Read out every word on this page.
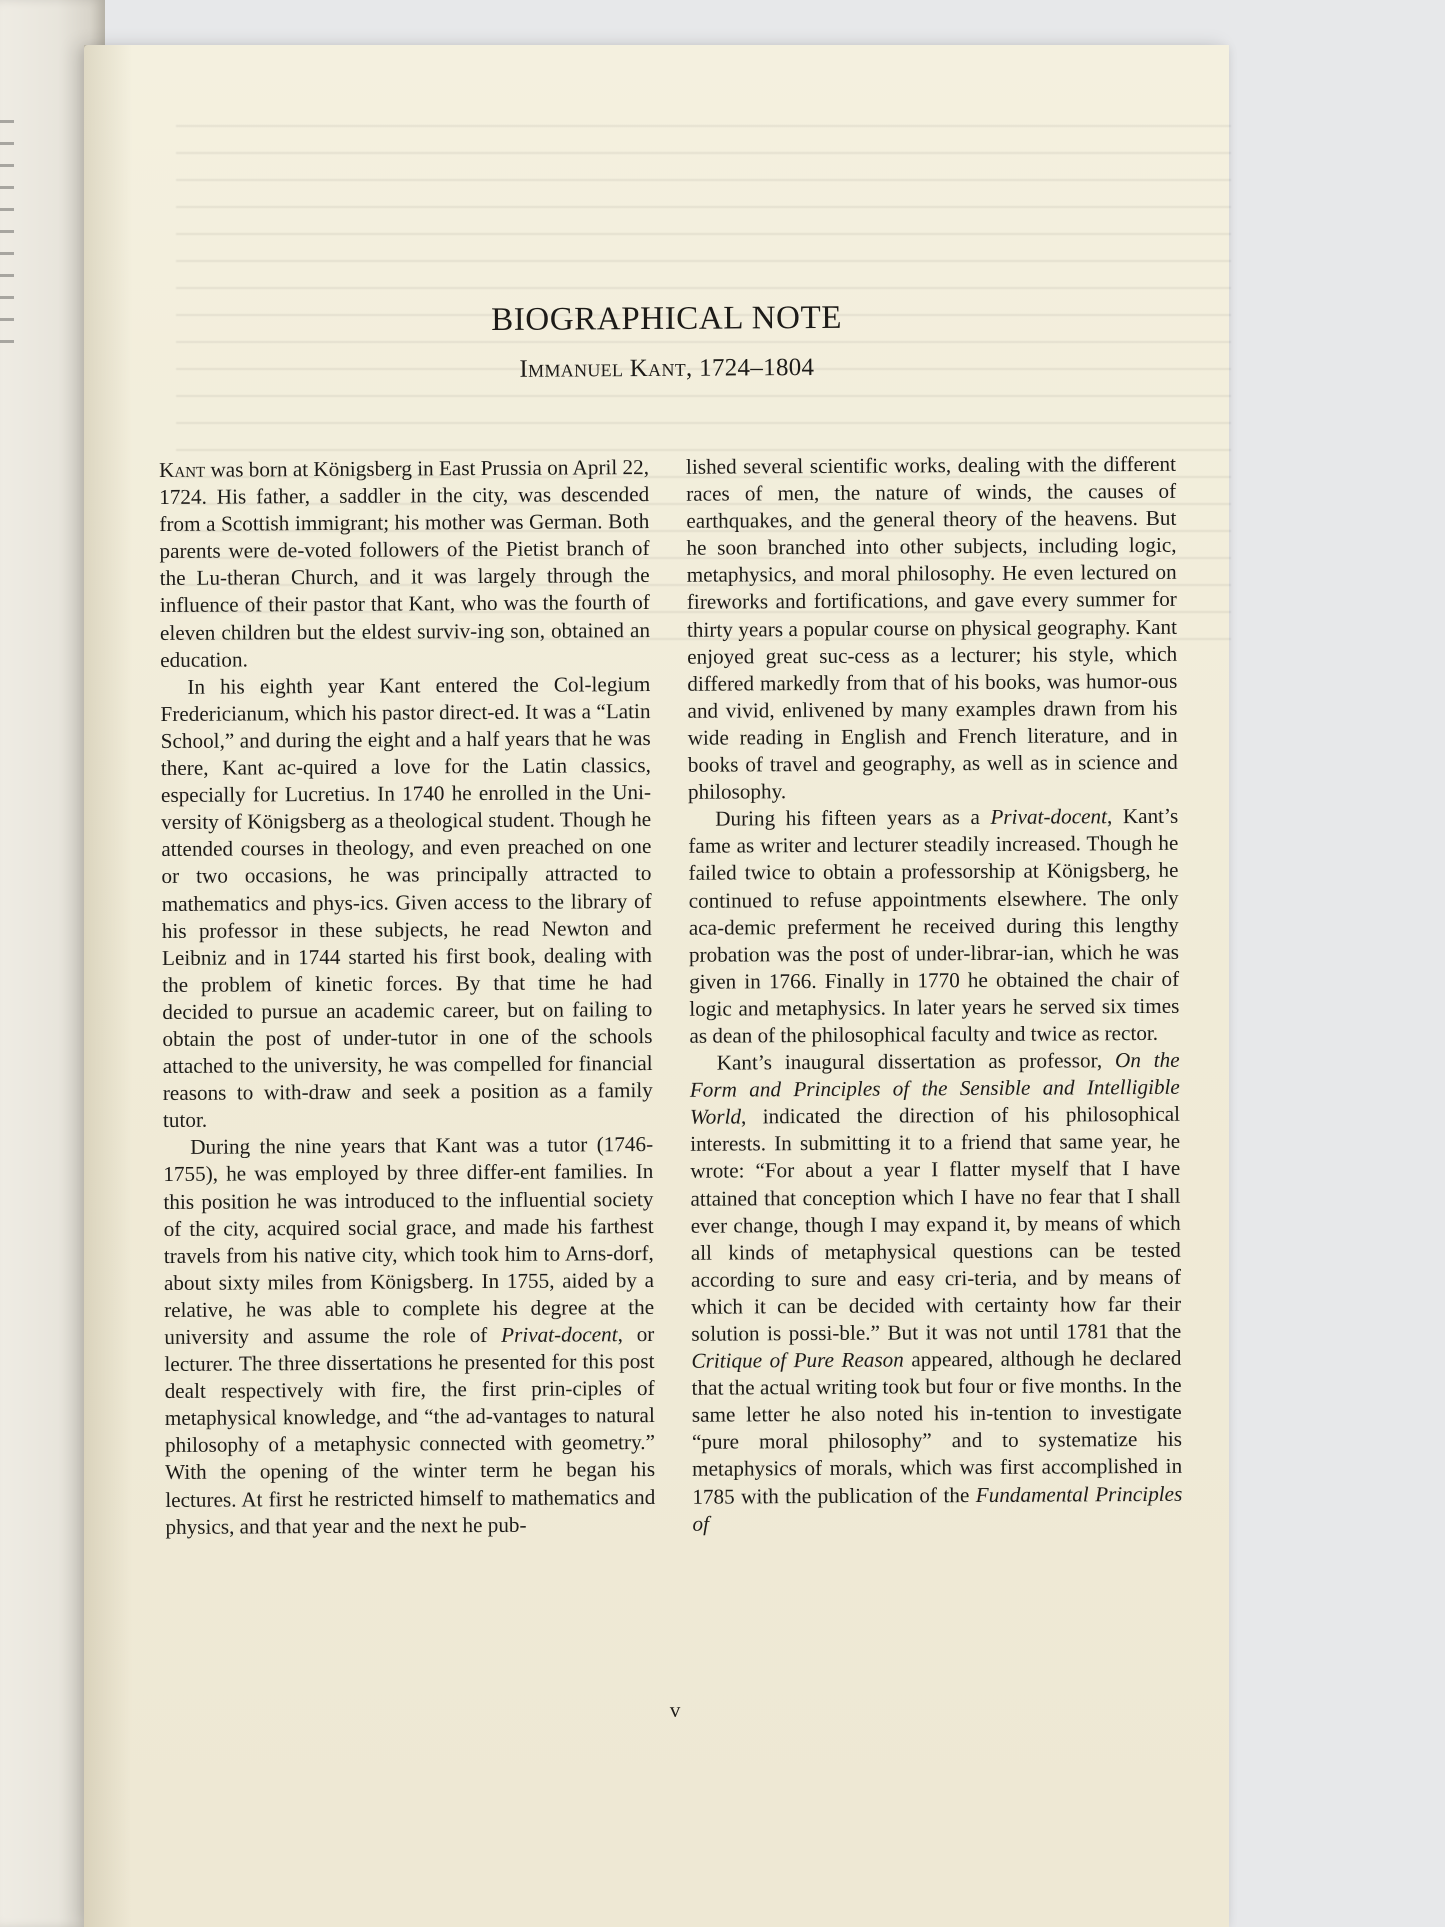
BIOGRAPHICAL NOTE
Immanuel Kant, 1724–1804

Kant was born at Königsberg in East Prussia on April 22, 1724. His father, a saddler in the city, was descended from a Scottish immigrant; his mother was German. Both parents were de-voted followers of the Pietist branch of the Lu-theran Church, and it was largely through the influence of their pastor that Kant, who was the fourth of eleven children but the eldest surviv-ing son, obtained an education.

In his eighth year Kant entered the Col-legium Fredericianum, which his pastor direct-ed. It was a “Latin School,” and during the eight and a half years that he was there, Kant ac-quired a love for the Latin classics, especially for Lucretius. In 1740 he enrolled in the Uni-versity of Königsberg as a theological student. Though he attended courses in theology, and even preached on one or two occasions, he was principally attracted to mathematics and phys-ics. Given access to the library of his professor in these subjects, he read Newton and Leibniz and in 1744 started his first book, dealing with the problem of kinetic forces. By that time he had decided to pursue an academic career, but on failing to obtain the post of under-tutor in one of the schools attached to the university, he was compelled for financial reasons to with-draw and seek a position as a family tutor.

During the nine years that Kant was a tutor (1746-1755), he was employed by three differ-ent families. In this position he was introduced to the influential society of the city, acquired social grace, and made his farthest travels from his native city, which took him to Arns-dorf, about sixty miles from Königsberg. In 1755, aided by a relative, he was able to complete his degree at the university and assume the role of Privat-docent, or lecturer. The three dissertations he presented for this post dealt respectively with fire, the first prin-ciples of metaphysical knowledge, and “the ad-vantages to natural philosophy of a metaphysic connected with geometry.” With the opening of the winter term he began his lectures. At first he restricted himself to mathematics and physics, and that year and the next he pub-

lished several scientific works, dealing with the different races of men, the nature of winds, the causes of earthquakes, and the general theory of the heavens. But he soon branched into other subjects, including logic, metaphysics, and moral philosophy. He even lectured on fireworks and fortifications, and gave every summer for thirty years a popular course on physical geography. Kant enjoyed great suc-cess as a lecturer; his style, which differed markedly from that of his books, was humor-ous and vivid, enlivened by many examples drawn from his wide reading in English and French literature, and in books of travel and geography, as well as in science and philosophy.

During his fifteen years as a Privat-docent, Kant’s fame as writer and lecturer steadily increased. Though he failed twice to obtain a professorship at Königsberg, he continued to refuse appointments elsewhere. The only aca-demic preferment he received during this lengthy probation was the post of under-librar-ian, which he was given in 1766. Finally in 1770 he obtained the chair of logic and metaphysics. In later years he served six times as dean of the philosophical faculty and twice as rector.

Kant’s inaugural dissertation as professor, On the Form and Principles of the Sensible and Intelligible World, indicated the direction of his philosophical interests. In submitting it to a friend that same year, he wrote: “For about a year I flatter myself that I have attained that conception which I have no fear that I shall ever change, though I may expand it, by means of which all kinds of metaphysical questions can be tested according to sure and easy cri-teria, and by means of which it can be decided with certainty how far their solution is possi-ble.” But it was not until 1781 that the Critique of Pure Reason appeared, although he declared that the actual writing took but four or five months. In the same letter he also noted his in-tention to investigate “pure moral philosophy” and to systematize his metaphysics of morals, which was first accomplished in 1785 with the publication of the Fundamental Principles of

v
